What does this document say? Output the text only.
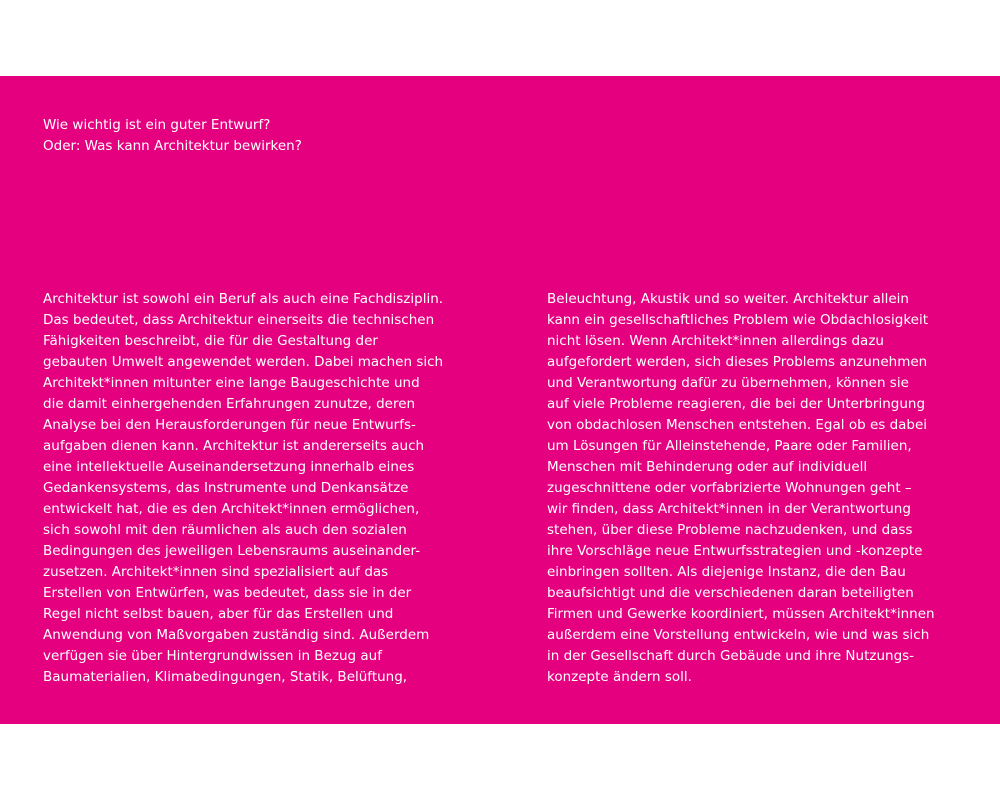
Wie wichtig ist ein guter Entwurf?
Oder: Was kann Architektur bewirken?

Architektur ist sowohl ein Beruf als auch eine Fachdisziplin.
Das bedeutet, dass Architektur einerseits die technischen
Fähigkeiten beschreibt, die für die Gestaltung der
gebauten Umwelt angewendet werden. Dabei machen sich
Architekt*innen mitunter eine lange Baugeschichte und
die damit einhergehenden Erfahrungen zunutze, deren
Analyse bei den Herausforderungen für neue Entwurfs-
aufgaben dienen kann. Architektur ist andererseits auch
eine intellektuelle Auseinandersetzung innerhalb eines
Gedankensystems, das Instrumente und Denkansätze
entwickelt hat, die es den Architekt*innen ermöglichen,
sich sowohl mit den räumlichen als auch den sozialen
Bedingungen des jeweiligen Lebensraums auseinander-
zusetzen. Architekt*innen sind spezialisiert auf das
Erstellen von Entwürfen, was bedeutet, dass sie in der
Regel nicht selbst bauen, aber für das Erstellen und
Anwendung von Maßvorgaben zuständig sind. Außerdem
verfügen sie über Hintergrundwissen in Bezug auf
Baumaterialien, Klimabedingungen, Statik, Belüftung,

Beleuchtung, Akustik und so weiter. Architektur allein
kann ein gesellschaftliches Problem wie Obdachlosigkeit
nicht lösen. Wenn Architekt*innen allerdings dazu
aufgefordert werden, sich dieses Problems anzunehmen
und Verantwortung dafür zu übernehmen, können sie
auf viele Probleme reagieren, die bei der Unterbringung
von obdachlosen Menschen entstehen. Egal ob es dabei
um Lösungen für Alleinstehende, Paare oder Familien,
Menschen mit Behinderung oder auf individuell
zugeschnittene oder vorfabrizierte Wohnungen geht –
wir finden, dass Architekt*innen in der Verantwortung
stehen, über diese Probleme nachzudenken, und dass
ihre Vorschläge neue Entwurfsstrategien und -konzepte
einbringen sollten. Als diejenige Instanz, die den Bau
beaufsichtigt und die verschiedenen daran beteiligten
Firmen und Gewerke koordiniert, müssen Architekt*innen
außerdem eine Vorstellung entwickeln, wie und was sich
in der Gesellschaft durch Gebäude und ihre Nutzungs-
konzepte ändern soll.
